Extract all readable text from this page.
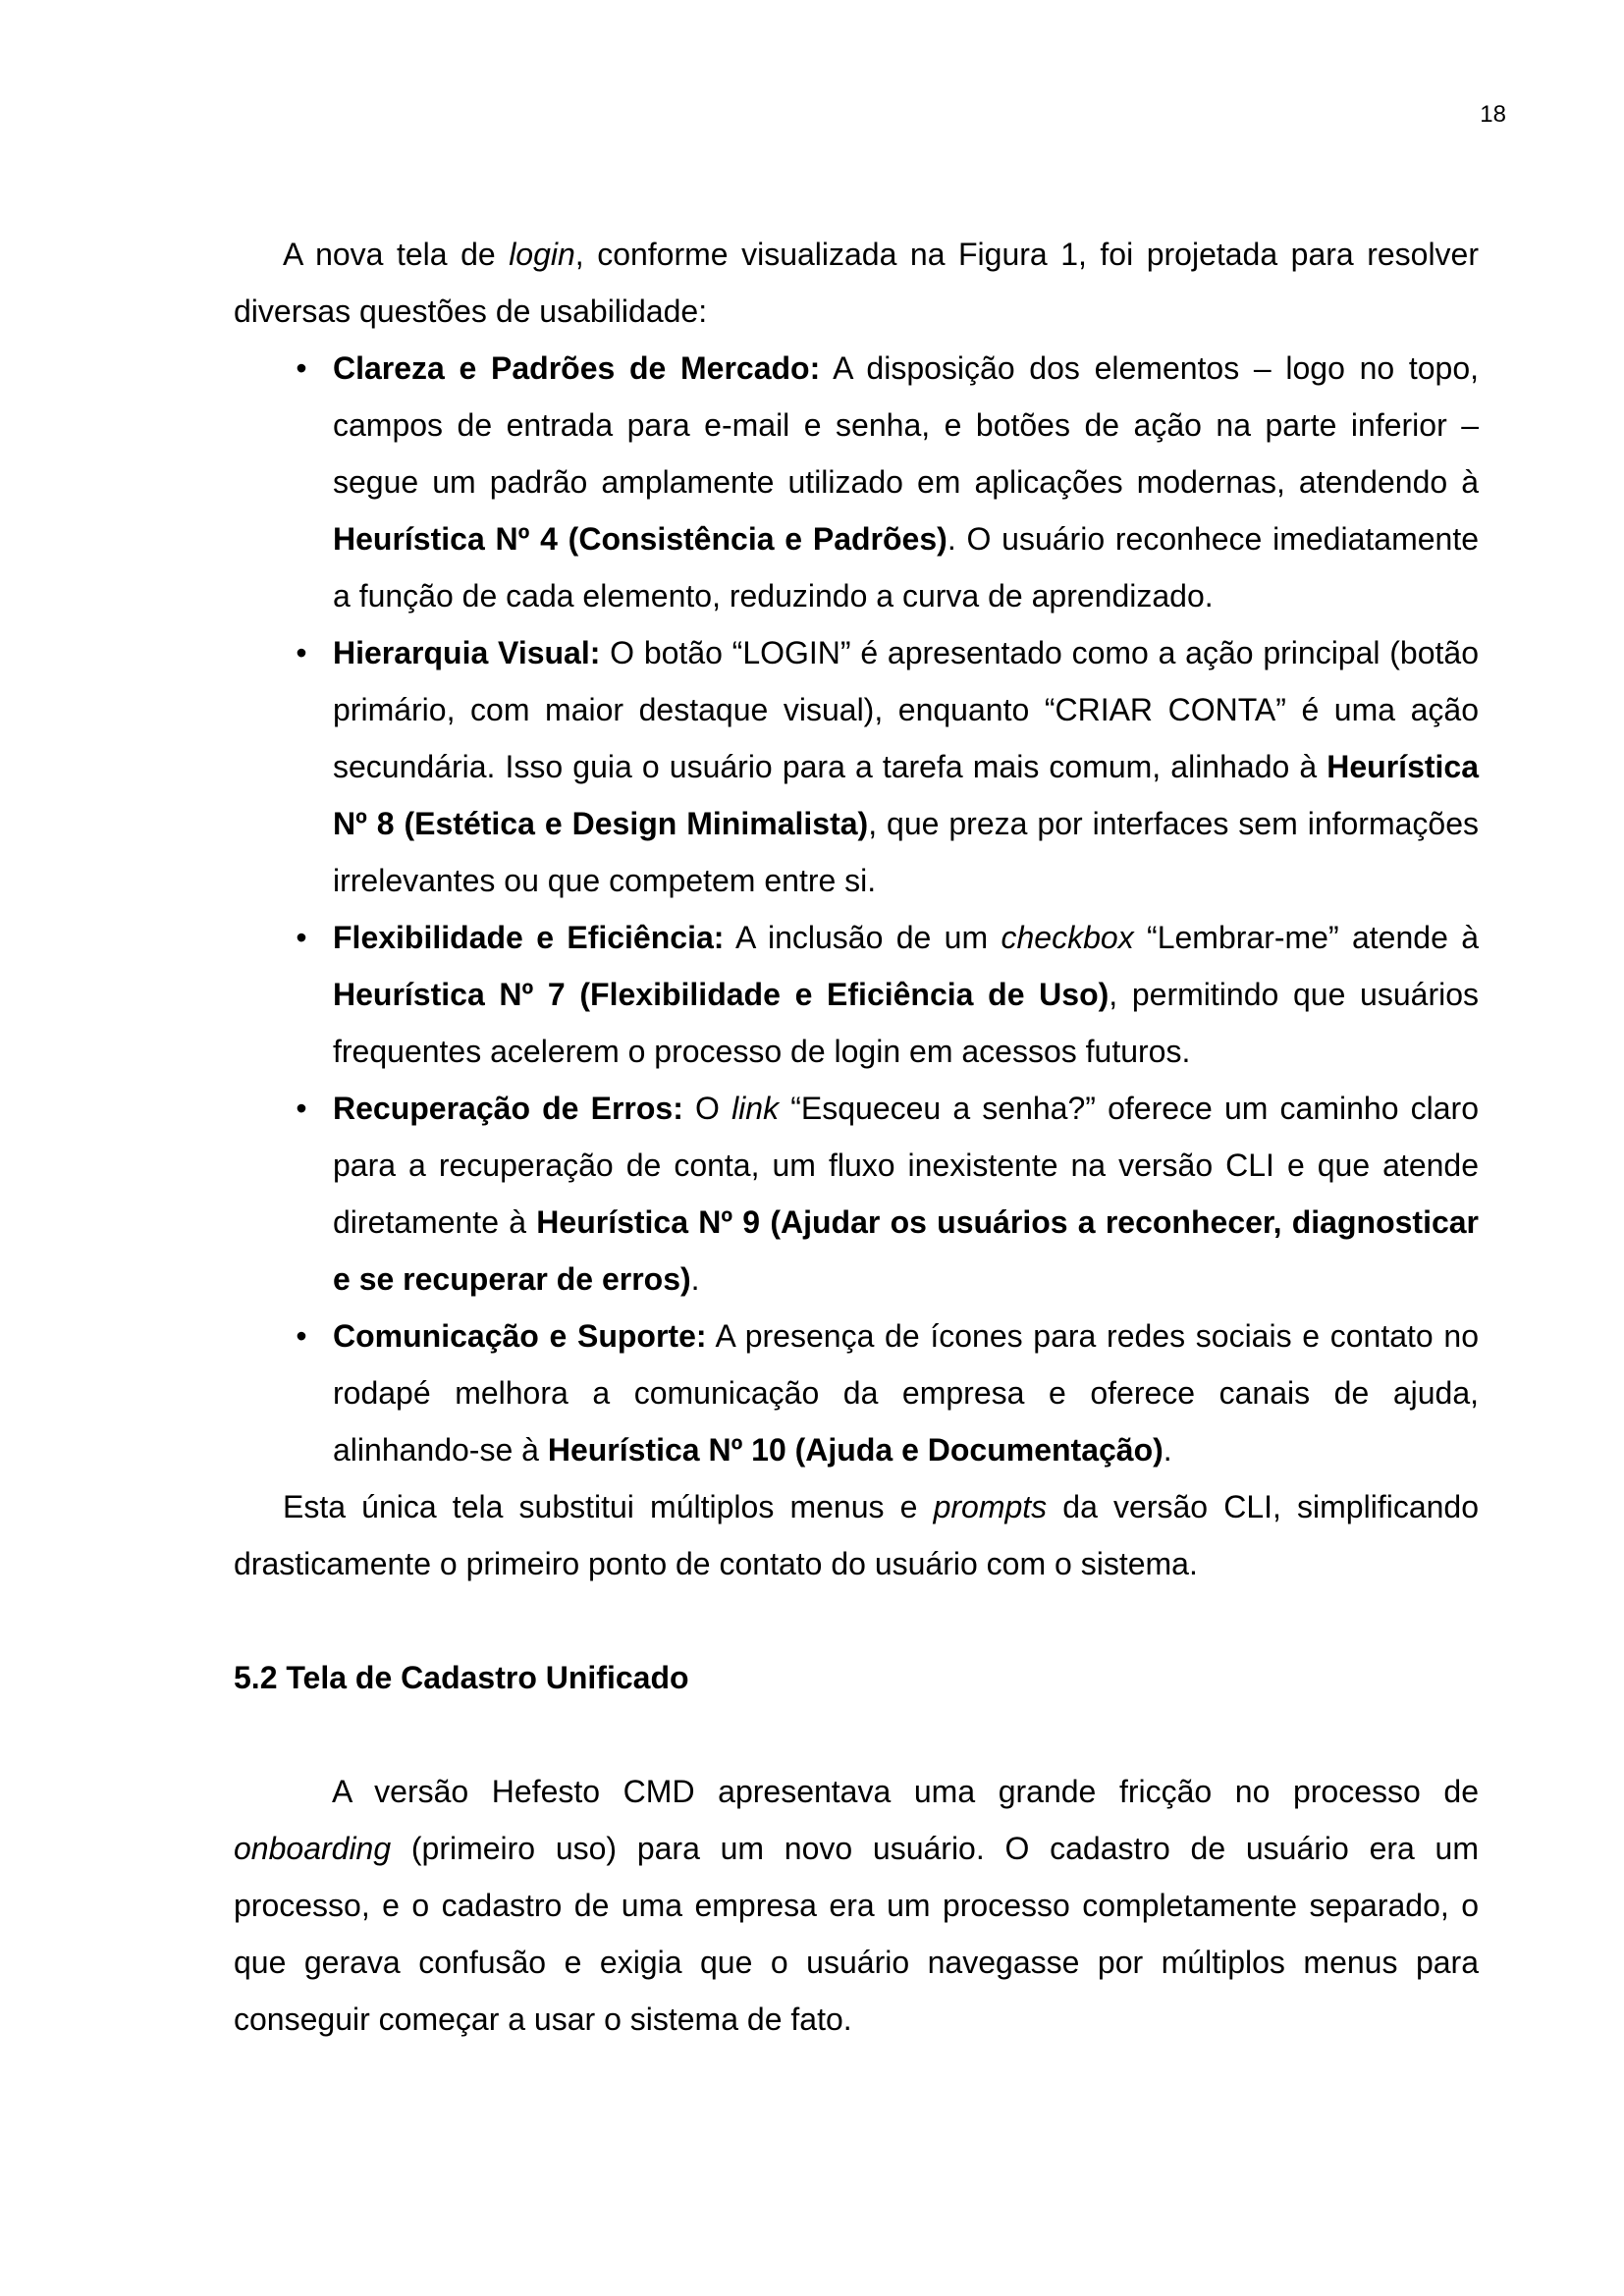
18

A nova tela de login, conforme visualizada na Figura 1, foi projetada para resolver diversas questões de usabilidade:

• Clareza e Padrões de Mercado: A disposição dos elementos – logo no topo, campos de entrada para e-mail e senha, e botões de ação na parte inferior – segue um padrão amplamente utilizado em aplicações modernas, atendendo à Heurística Nº 4 (Consistência e Padrões). O usuário reconhece imediatamente a função de cada elemento, reduzindo a curva de aprendizado.
• Hierarquia Visual: O botão “LOGIN” é apresentado como a ação principal (botão primário, com maior destaque visual), enquanto “CRIAR CONTA” é uma ação secundária. Isso guia o usuário para a tarefa mais comum, alinhado à Heurística Nº 8 (Estética e Design Minimalista), que preza por interfaces sem informações irrelevantes ou que competem entre si.
• Flexibilidade e Eficiência: A inclusão de um checkbox “Lembrar-me” atende à Heurística Nº 7 (Flexibilidade e Eficiência de Uso), permitindo que usuários frequentes acelerem o processo de login em acessos futuros.
• Recuperação de Erros: O link “Esqueceu a senha?” oferece um caminho claro para a recuperação de conta, um fluxo inexistente na versão CLI e que atende diretamente à Heurística Nº 9 (Ajudar os usuários a reconhecer, diagnosticar e se recuperar de erros).
• Comunicação e Suporte: A presença de ícones para redes sociais e contato no rodapé melhora a comunicação da empresa e oferece canais de ajuda, alinhando-se à Heurística Nº 10 (Ajuda e Documentação).

Esta única tela substitui múltiplos menus e prompts da versão CLI, simplificando drasticamente o primeiro ponto de contato do usuário com o sistema.

5.2 Tela de Cadastro Unificado

A versão Hefesto CMD apresentava uma grande fricção no processo de onboarding (primeiro uso) para um novo usuário. O cadastro de usuário era um processo, e o cadastro de uma empresa era um processo completamente separado, o que gerava confusão e exigia que o usuário navegasse por múltiplos menus para conseguir começar a usar o sistema de fato.
